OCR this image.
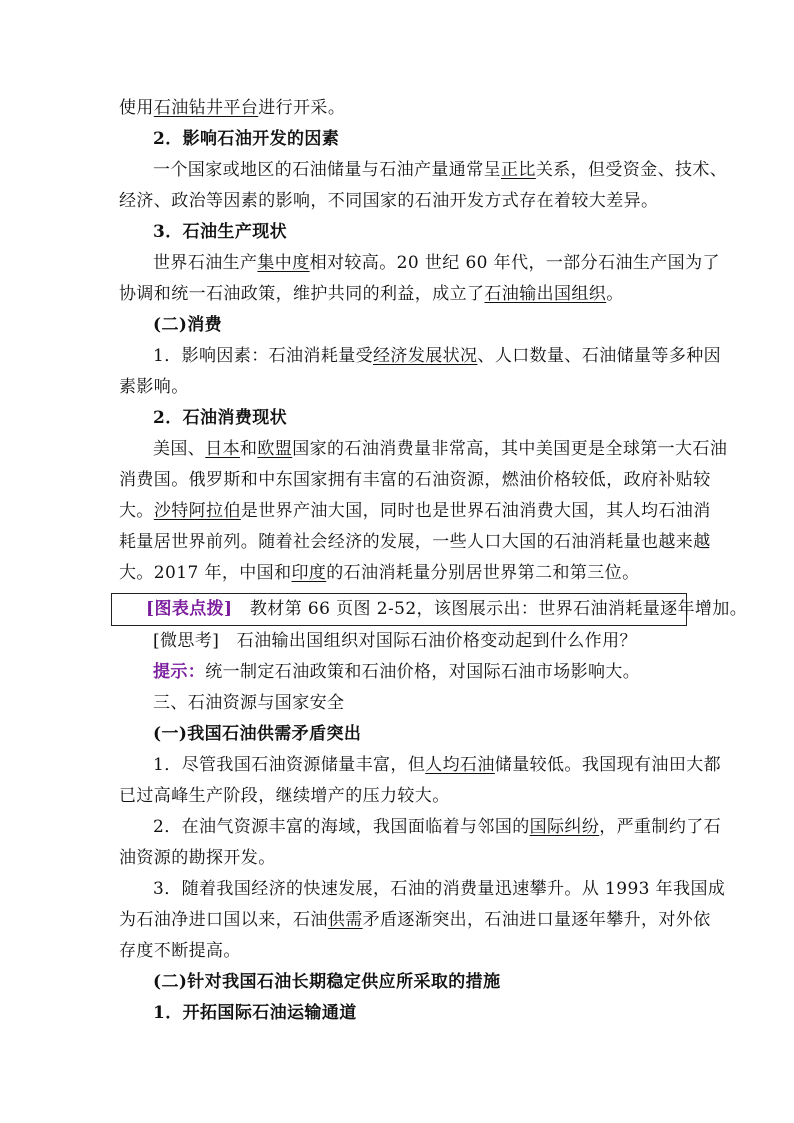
使用石油钻井平台进行开采。
2．影响石油开发的因素
一个国家或地区的石油储量与石油产量通常呈正比关系，但受资金、技术、
经济、政治等因素的影响，不同国家的石油开发方式存在着较大差异。
3．石油生产现状
世界石油生产集中度相对较高。20 世纪 60 年代，一部分石油生产国为了
协调和统一石油政策，维护共同的利益，成立了石油输出国组织。
(二)消费
1．影响因素：石油消耗量受经济发展状况、人口数量、石油储量等多种因
素影响。
2．石油消费现状
美国、日本和欧盟国家的石油消费量非常高，其中美国更是全球第一大石油
消费国。俄罗斯和中东国家拥有丰富的石油资源，燃油价格较低，政府补贴较
大。沙特阿拉伯是世界产油大国，同时也是世界石油消费大国，其人均石油消
耗量居世界前列。随着社会经济的发展，一些人口大国的石油消耗量也越来越
大。2017 年，中国和印度的石油消耗量分别居世界第二和第三位。
[图表点拨]　教材第 66 页图 2-52，该图展示出：世界石油消耗量逐年增加。
[微思考]　石油输出国组织对国际石油价格变动起到什么作用？
提示：统一制定石油政策和石油价格，对国际石油市场影响大。
三、石油资源与国家安全
(一)我国石油供需矛盾突出
1．尽管我国石油资源储量丰富，但人均石油储量较低。我国现有油田大都
已过高峰生产阶段，继续增产的压力较大。
2．在油气资源丰富的海域，我国面临着与邻国的国际纠纷，严重制约了石
油资源的勘探开发。
3．随着我国经济的快速发展，石油的消费量迅速攀升。从 1993 年我国成
为石油净进口国以来，石油供需矛盾逐渐突出，石油进口量逐年攀升，对外依
存度不断提高。
(二)针对我国石油长期稳定供应所采取的措施
1．开拓国际石油运输通道
